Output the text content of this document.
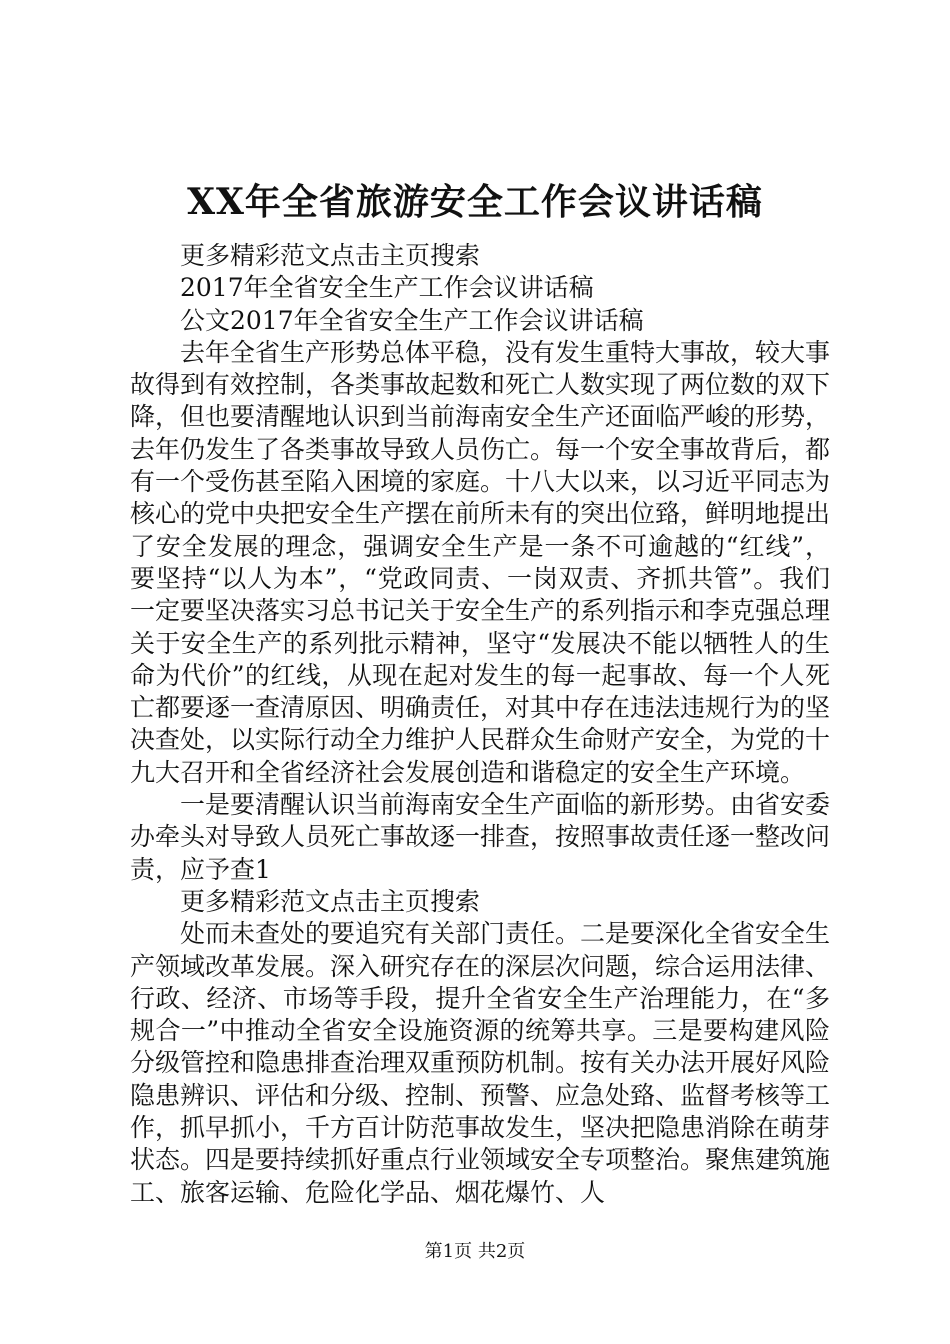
XX年全省旅游安全工作会议讲话稿

更多精彩范文点击主页搜索

2017年全省安全生产工作会议讲话稿

公文2017年全省安全生产工作会议讲话稿

去年全省生产形势总体平稳，没有发生重特大事故，较大事故得到有效控制，各类事故起数和死亡人数实现了两位数的双下降，但也要清醒地认识到当前海南安全生产还面临严峻的形势，去年仍发生了各类事故导致人员伤亡。每一个安全事故背后，都有一个受伤甚至陷入困境的家庭。十八大以来，以习近平同志为核心的党中央把安全生产摆在前所未有的突出位臵，鲜明地提出了安全发展的理念，强调安全生产是一条不可逾越的“红线”，要坚持“以人为本”，“党政同责、一岗双责、齐抓共管”。我们一定要坚决落实习总书记关于安全生产的系列指示和李克强总理关于安全生产的系列批示精神，坚守“发展决不能以牺牲人的生命为代价”的红线，从现在起对发生的每一起事故、每一个人死亡都要逐一查清原因、明确责任，对其中存在违法违规行为的坚决查处，以实际行动全力维护人民群众生命财产安全，为党的十九大召开和全省经济社会发展创造和谐稳定的安全生产环境。

一是要清醒认识当前海南安全生产面临的新形势。由省安委办牵头对导致人员死亡事故逐一排查，按照事故责任逐一整改问责，应予查1

更多精彩范文点击主页搜索

处而未查处的要追究有关部门责任。二是要深化全省安全生产领域改革发展。深入研究存在的深层次问题，综合运用法律、行政、经济、市场等手段，提升全省安全生产治理能力，在“多规合一”中推动全省安全设施资源的统筹共享。三是要构建风险分级管控和隐患排查治理双重预防机制。按有关办法开展好风险隐患辨识、评估和分级、控制、预警、应急处臵、监督考核等工作，抓早抓小，千方百计防范事故发生，坚决把隐患消除在萌芽状态。四是要持续抓好重点行业领域安全专项整治。聚焦建筑施工、旅客运输、危险化学品、烟花爆竹、人

第1页 共2页
